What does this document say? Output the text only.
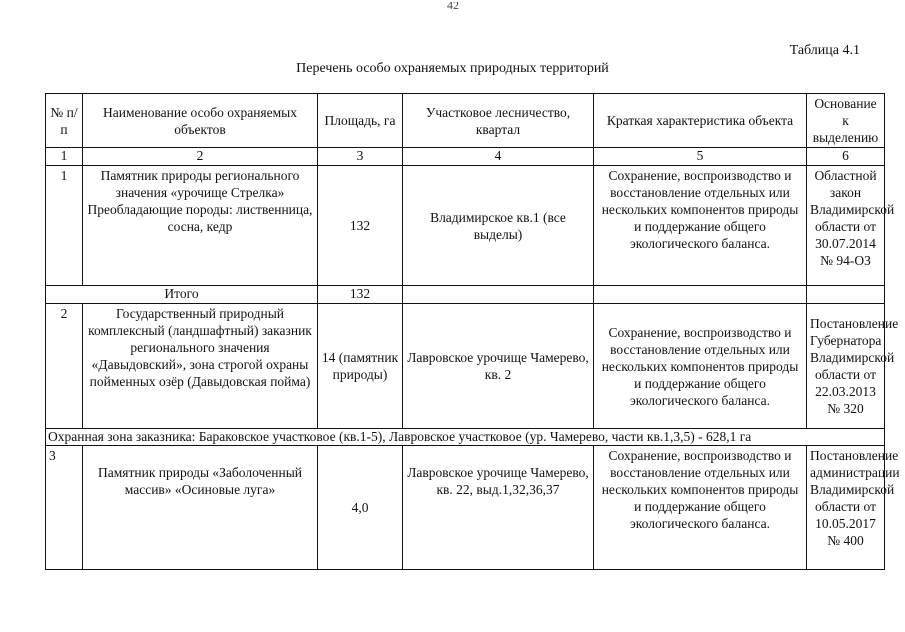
42
Таблица 4.1
Перечень особо охраняемых природных территорий
№ п/п	Наименование особо охраняемых объектов	Площадь, га	Участковое лесничество, квартал	Краткая характеристика объекта	Основание к выделению
1	2	3	4	5	6
1	Памятник природы регионального значения «урочище Стрелка» Преобладающие породы: лиственница, сосна, кедр	132	Владимирское кв.1 (все выделы)	Сохранение, воспроизводство и восстановление отдельных или нескольких компонентов природы и поддержание общего экологического баланса.	Областной закон Владимирской области от 30.07.2014 № 94-ОЗ
Итого		132			
2	Государственный природный комплексный (ландшафтный) заказник регионального значения «Давыдовский», зона строгой охраны пойменных озёр (Давыдовская пойма)	14 (памятник природы)	Лавровское урочище Чамерево, кв. 2	Сохранение, воспроизводство и восстановление отдельных или нескольких компонентов природы и поддержание общего экологического баланса.	Постановление Губернатора Владимирской области от 22.03.2013 № 320
Охранная зона заказника: Бараковское участковое (кв.1-5), Лавровское участковое (ур. Чамерево, части кв.1,3,5) - 628,1 га					
3	Памятник природы «Заболоченный массив» «Осиновые луга»	4,0	Лавровское урочище Чамерево, кв. 22, выд.1,32,36,37	Сохранение, воспроизводство и восстановление отдельных или нескольких компонентов природы и поддержание общего экологического баланса.	Постановление администрации Владимирской области от 10.05.2017 № 400
